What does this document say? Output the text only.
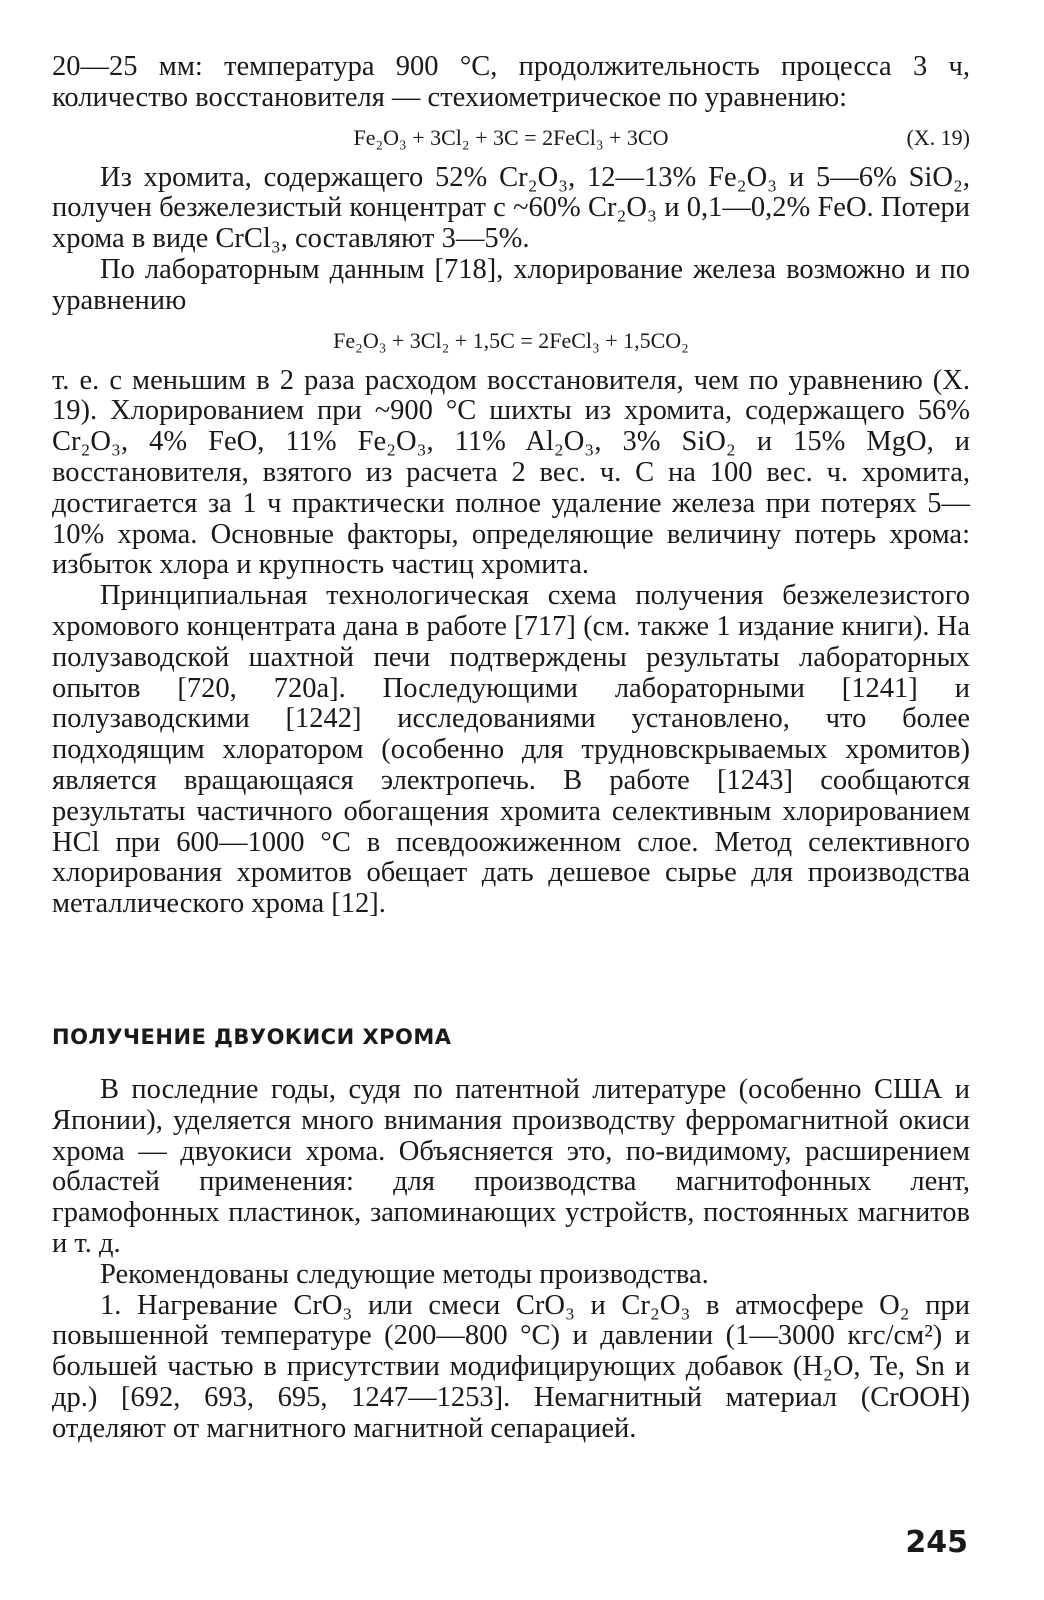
20—25 мм: температура 900 °С, продолжительность процесса 3 ч, количество восстановителя — стехиометрическое по уравнению:

Fe₂O₃ + 3Cl₂ + 3C = 2FeCl₃ + 3CO	(X. 19)

Из хромита, содержащего 52% Cr₂O₃, 12—13% Fe₂O₃ и 5—6% SiO₂, получен безжелезистый концентрат с ~60% Cr₂O₃ и 0,1—0,2% FeO. Потери хрома в виде CrCl₃, составляют 3—5%.

По лабораторным данным [718], хлорирование железа возможно и по уравнению

Fe₂O₃ + 3Cl₂ + 1,5C = 2FeCl₃ + 1,5CO₂

т. е. с меньшим в 2 раза расходом восстановителя, чем по уравнению (X. 19). Хлорированием при ~900 °С шихты из хромита, содержащего 56% Cr₂O₃, 4% FeO, 11% Fe₂O₃, 11% Al₂O₃, 3% SiO₂ и 15% MgO, и восстановителя, взятого из расчета 2 вес. ч. С на 100 вес. ч. хромита, достигается за 1 ч практически полное удаление железа при потерях 5—10% хрома. Основные факторы, определяющие величину потерь хрома: избыток хлора и крупность частиц хромита.

Принципиальная технологическая схема получения безжелезистого хромового концентрата дана в работе [717] (см. также 1 издание книги). На полузаводской шахтной печи подтверждены результаты лабораторных опытов [720, 720а]. Последующими лабораторными [1241] и полузаводскими [1242] исследованиями установлено, что более подходящим хлоратором (особенно для трудновскрываемых хромитов) является вращающаяся электропечь. В работе [1243] сообщаются результаты частичного обогащения хромита селективным хлорированием HCl при 600—1000 °С в псевдоожиженном слое. Метод селективного хлорирования хромитов обещает дать дешевое сырье для производства металлического хрома [12].

ПОЛУЧЕНИЕ ДВУОКИСИ ХРОМА

В последние годы, судя по патентной литературе (особенно США и Японии), уделяется много внимания производству ферромагнитной окиси хрома — двуокиси хрома. Объясняется это, по-видимому, расширением областей применения: для производства магнитофонных лент, грамофонных пластинок, запоминающих устройств, постоянных магнитов и т. д.

Рекомендованы следующие методы производства.

1. Нагревание CrO₃ или смеси CrO₃ и Cr₂O₃ в атмосфере O₂ при повышенной температуре (200—800 °С) и давлении (1—3000 кгс/см²) и большей частью в присутствии модифицирующих добавок (H₂O, Te, Sn и др.) [692, 693, 695, 1247—1253]. Немагнитный материал (CrOOH) отделяют от магнитного магнитной сепарацией.

245
